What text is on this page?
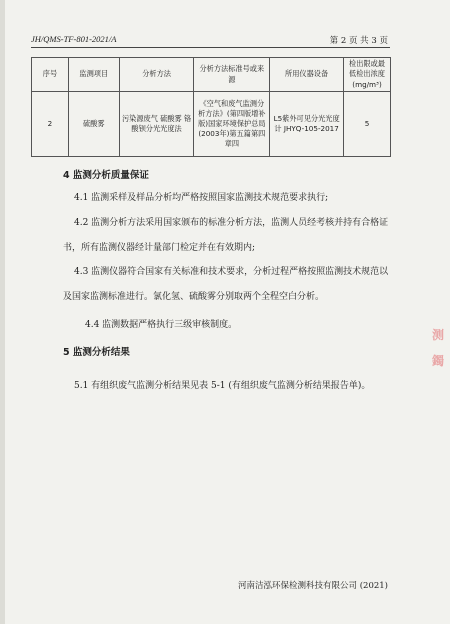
JH/QMS-TF-801-2021/A	第 2 页 共 3 页
序号	监测项目	分析方法	分析方法标准号或来源	所用仪器设备	检出限或最低检出浓度(mg/m³)
2	硫酸雾	污染源废气 硫酸雾 铬酸钡分光光度法	《空气和废气监测分析方法》(第四版增补版)国家环境保护总局(2003年)第五篇第四章四	L5紫外可见分光光度计 JHYQ-105-2017	5
4 监测分析质量保证
4.1 监测采样及样品分析均严格按照国家监测技术规范要求执行;
4.2 监测分析方法采用国家颁布的标准分析方法，监测人员经考核并持有合格证书，所有监测仪器经计量部门检定并在有效期内;
4.3 监测仪器符合国家有关标准和技术要求，分析过程严格按照监测技术规范以及国家监测标准进行。氯化氢、硫酸雾分别取两个全程空白分析。
4.4 监测数据严格执行三级审核制度。
5 监测分析结果
5.1 有组织废气监测分析结果见表 5-1 (有组织废气监测分析结果报告单)。
测
鐲
河南洁泓环保检测科技有限公司 (2021)
